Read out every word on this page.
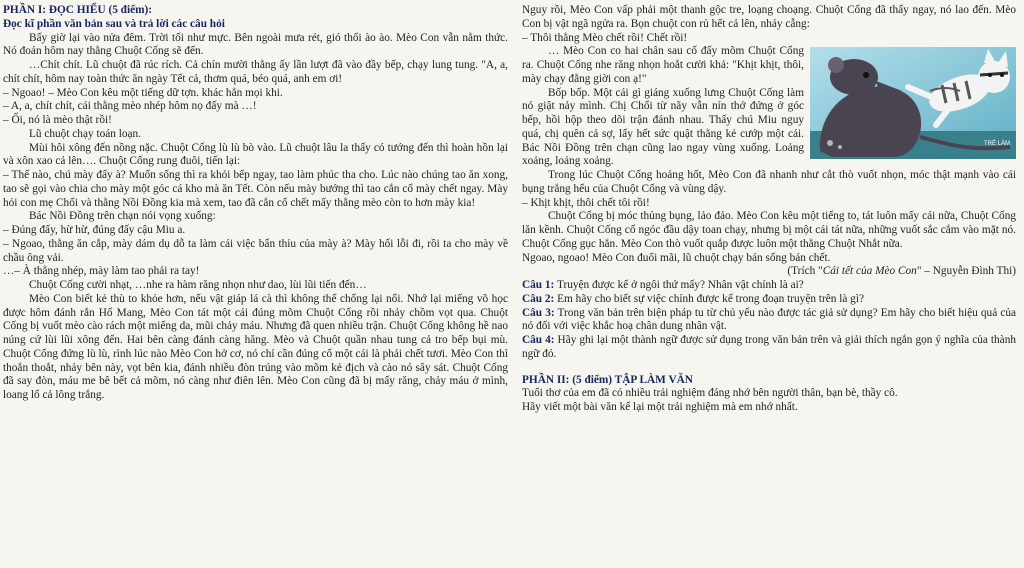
PHẦN I: ĐỌC HIỂU (5 điểm):

Đọc kĩ phần văn bản sau và trả lời các câu hỏi

Bấy giờ lại vào nửa đêm. Trời tối như mực. Bên ngoài mưa rét, gió thổi ào ào. Mèo Con vẫn nằm thức. Nó đoán hôm nay thằng Chuột Cống sẽ đến.

…Chít chít. Lũ chuột đã rúc rích. Cả chín mười thằng ấy lần lượt đã vào đầy bếp, chạy lung tung. "A, a, chít chít, hôm nay toàn thức ăn ngày Tết cả, thơm quá, béo quá, anh em ơi!

– Ngoao! – Mèo Con kêu một tiếng dữ tợn. khác hẳn mọi khi.

– A, a, chít chít, cái thằng mèo nhép hôm nọ đấy mà …!

– Ối, nó là mèo thật rồi!

Lũ chuột chạy toán loạn.

Mùi hôi xông đến nồng nặc. Chuột Cống lù lù bò vào. Lũ chuột lâu la thấy có tướng đến thì hoàn hồn lại và xôn xao cả lên…. Chuột Cống rung đuôi, tiến lại:

– Thế nào, chú mày đấy à? Muốn sống thì ra khỏi bếp ngay, tao làm phúc tha cho. Lúc nào chúng tao ăn xong, tao sẽ gọi vào chia cho mày một góc cá kho mà ăn Tết. Còn nếu mày bướng thì tao cắn cổ mày chết ngay. Mày hỏi con mẹ Chổi và thằng Nồi Đồng kia mà xem, tao đã cắn cổ chết mấy thằng mèo còn to hơn mày kia!

Bác Nồi Đồng trên chạn nói vọng xuống:

– Đúng đấy, hừ hừ, đúng đấy cậu Miu a.

– Ngoao, thằng ăn cắp, mày dám dụ dỗ ta làm cái việc bẩn thỉu của mày à? Mày hối lỗi đi, rồi ta cho mày về chầu ông vải.

…– À thằng nhép, mày làm tao phải ra tay!

Chuột Cống cười nhạt, …nhe ra hàm răng nhọn như dao, lùi lũi tiến đến…

Mèo Con biết kẻ thù to khỏe hơn, nếu vật giáp lá cà thì không thể chống lại nổi. Nhớ lại miếng võ học được hôm đánh rắn Hổ Mang, Mèo Con tát một cái đúng mõm Chuột Cống rồi nhảy chồm vọt qua. Chuột Cống bị vuốt mèo cào rách một miếng da, mũi chảy máu. Nhưng đã quen nhiều trận. Chuột Cống không hề nao núng cứ lùi lũi xông đến. Hai bên càng đánh càng hăng. Mèo và Chuột quần nhau tung cả tro bếp bụi mù. Chuột Cống đứng lù lù, rình lúc nào Mèo Con hở cơ, nó chỉ cần đúng cổ một cái là phải chết tươi. Mèo Con thì thoắn thoắt, nhảy bên này, vọt bên kia, đánh nhiều đòn trúng vào mõm kẻ địch và cào nó sây sát. Chuột Cống đã say đòn, máu me bê bết cả mõm, nó càng như điên lên. Mèo Con cũng đã bị mấy răng, chảy máu ở mình, loang lổ cả lông trắng.

Nguy rồi, Mèo Con vấp phải một thanh gộc tre, loạng choạng. Chuột Cống đã thấy ngay, nó lao đến. Mèo Con bị vật ngã ngửa ra. Bọn chuột con rủ hết cả lên, nhảy cẫng:

– Thôi thằng Mèo chết rồi! Chết rồi!

TRẺ LÀM

… Mèo Con co hai chân sau cố đẩy mõm Chuột Cống ra. Chuột Cống nhe răng nhọn hoắt cười khả: "Khịt khịt, thôi, mày chạy đằng giời con ạ!"

Bốp bốp. Một cái gì giáng xuống lưng Chuột Cống làm nó giật nảy mình. Chị Chổi từ nãy vẫn nín thở đứng ở góc bếp, hồi hộp theo dõi trận đánh nhau. Thấy chú Miu nguy quá, chị quên cả sợ, lấy hết sức quật thằng kẻ cướp một cái. Bác Nồi Đồng trên chạn cũng lao ngay vùng xuống. Loảng xoảng, loảng xoảng.

Trong lúc Chuột Cống hoảng hốt, Mèo Con đã nhanh như cắt thò vuốt nhọn, móc thật mạnh vào cái bụng trắng hếu của Chuột Cống và vùng dậy.

– Khịt khịt, thôi chết tôi rồi!

Chuột Cống bị móc thủng bụng, lảo đảo. Mèo Con kêu một tiếng to, tát luôn mấy cái nữa, Chuột Cống lăn kềnh. Chuột Cống cố ngóc đầu dậy toan chạy, nhưng bị một cái tát nữa, những vuốt sắc cắm vào mặt nó. Chuột Cống gục hẳn. Mèo Con thò vuốt quắp được luôn một thằng Chuột Nhắt nữa.

Ngoao, ngoao! Mèo Con đuổi mãi, lũ chuột chạy bán sống bán chết.

(Trích "Cái tết của Mèo Con" – Nguyễn Đình Thi)

Câu 1: Truyện được kể ở ngôi thứ mấy? Nhân vật chính là ai?

Câu 2: Em hãy cho biết sự việc chính được kể trong đoạn truyện trên là gì?

Câu 3: Trong văn bản trên biện pháp tu từ chủ yếu nào được tác giả sử dụng? Em hãy cho biết hiệu quả của nó đối với việc khắc hoạ chân dung nhân vật.

Câu 4: Hãy ghi lại một thành ngữ được sử dụng trong văn bản trên và giải thích ngắn gọn ý nghĩa của thành ngữ đó.

PHẦN II: (5 điểm) TẬP LÀM VĂN

Tuổi thơ của em đã có nhiều trải nghiệm đáng nhớ bên người thân, bạn bè, thầy cô.

Hãy viết một bài văn kể lại một trải nghiệm mà em nhớ nhất.
